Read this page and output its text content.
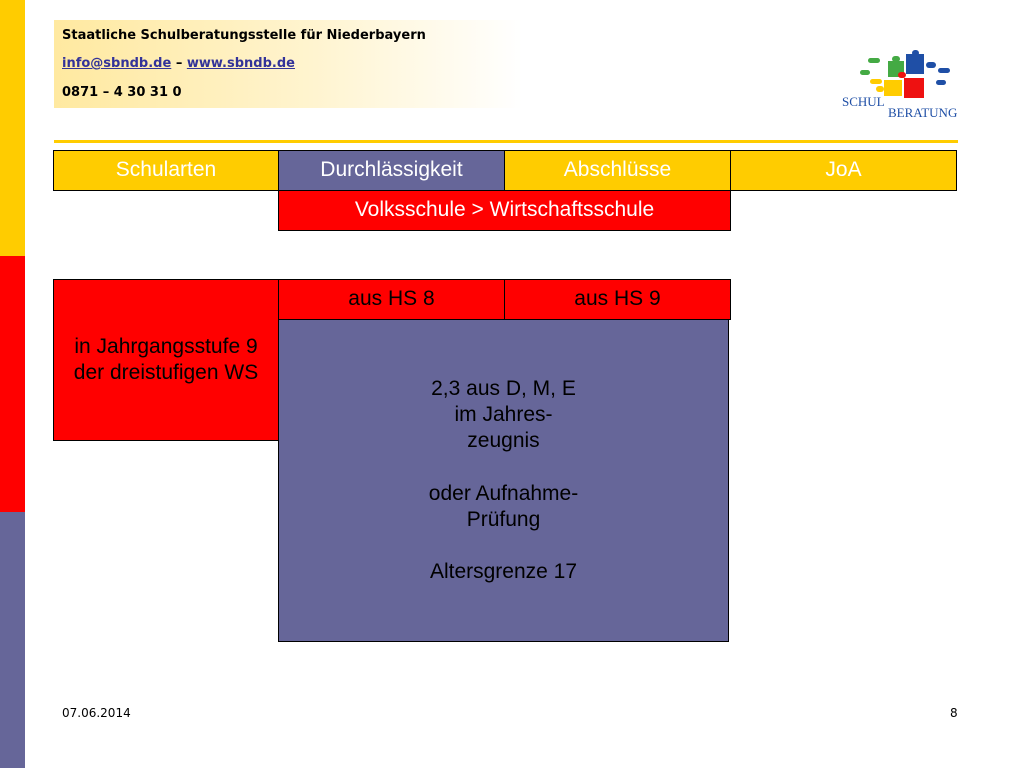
Staatliche Schulberatungsstelle für Niederbayern
info@sbndb.de – www.sbndb.de
0871 – 4 30 31 0
SCHUL
BERATUNG
Schularten	Durchlässigkeit	Abschlüsse	JoA
Volksschule > Wirtschaftsschule
in Jahrgangsstufe 9
der dreistufigen WS
aus HS 8	aus HS 9
2,3 aus D, M, E
im Jahres-
zeugnis

oder Aufnahme-
Prüfung

Altersgrenze 17
07.06.2014	8
